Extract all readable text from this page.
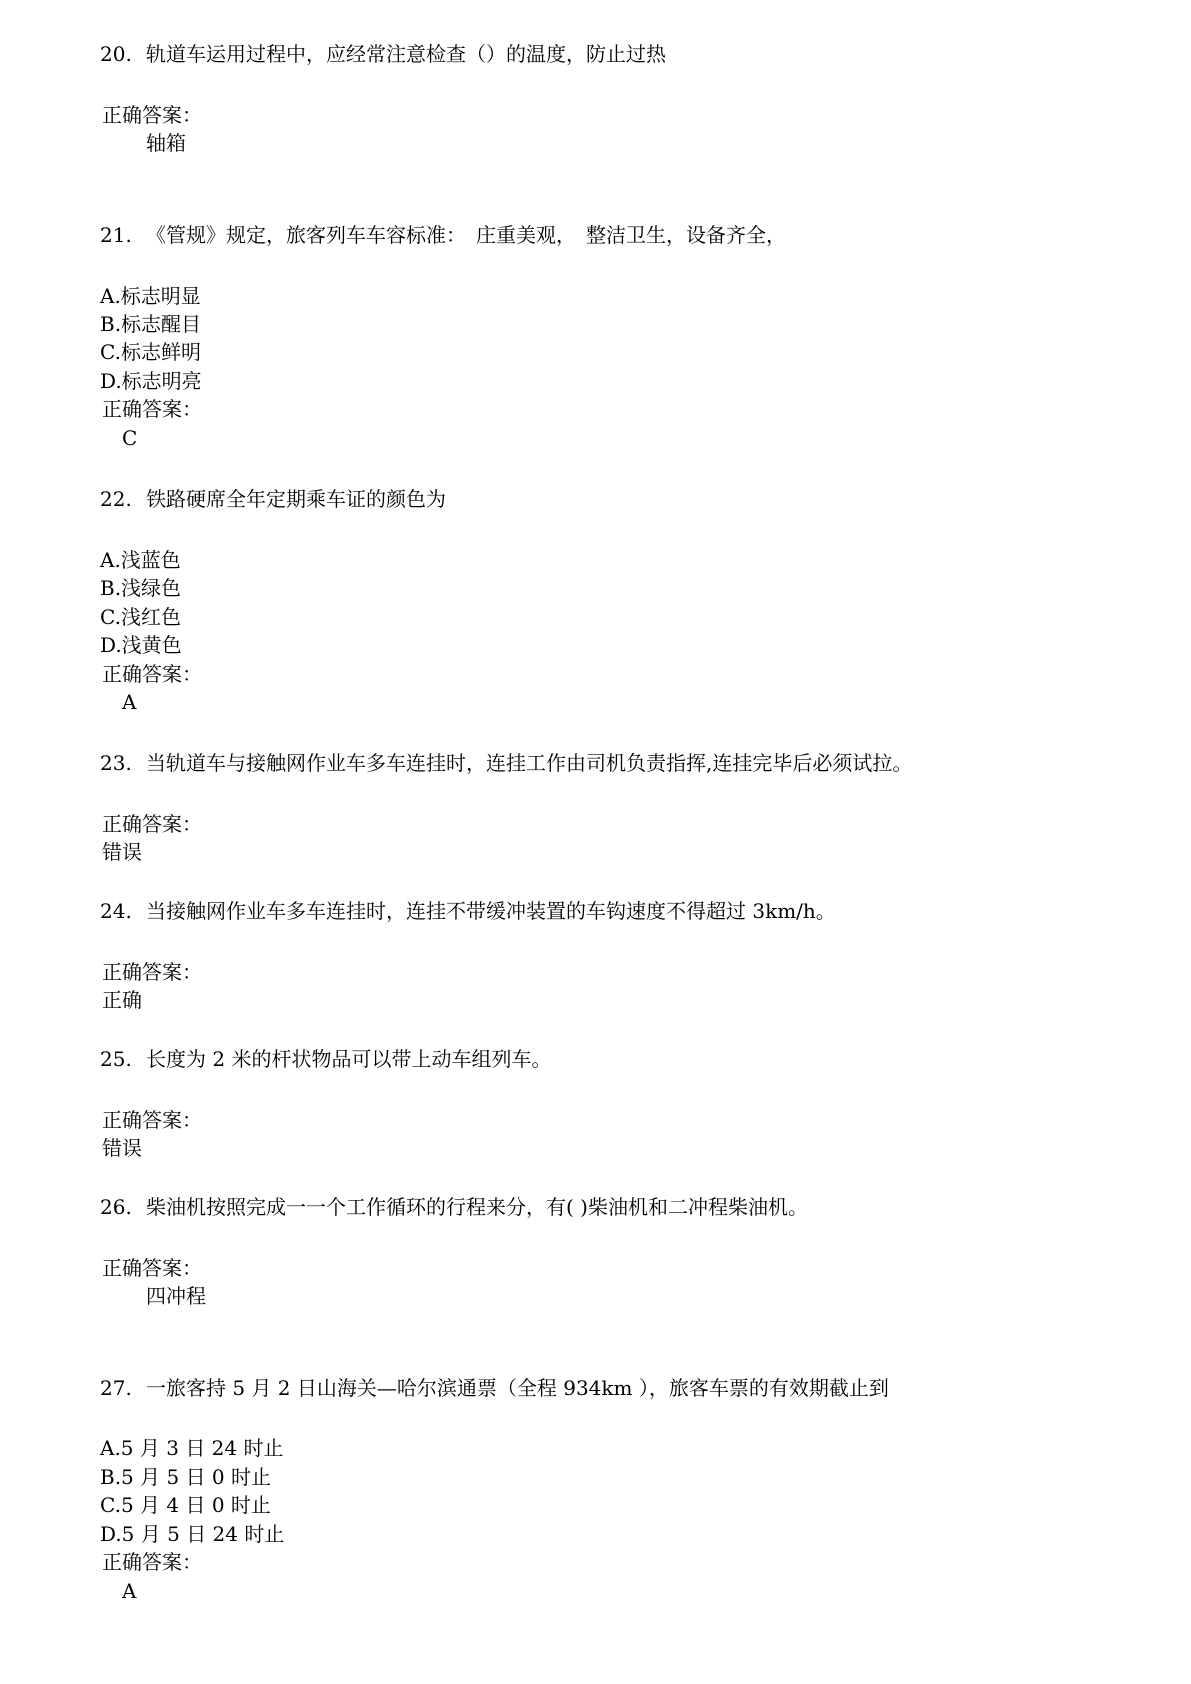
20. 轨道车运用过程中，应经常注意检查（）的温度，防止过热
正确答案：
轴箱
21. 《管规》规定，旅客列车车容标准：　庄重美观，　整洁卫生，设备齐全，
A.标志明显
B.标志醒目
C.标志鲜明
D.标志明亮
正确答案：
C
22. 铁路硬席全年定期乘车证的颜色为
A.浅蓝色
B.浅绿色
C.浅红色
D.浅黄色
正确答案：
A
23. 当轨道车与接触网作业车多车连挂时，连挂工作由司机负责指挥,连挂完毕后必须试拉。
正确答案：
错误
24. 当接触网作业车多车连挂时，连挂不带缓冲装置的车钩速度不得超过 3km/h。
正确答案：
正确
25. 长度为 2 米的杆状物品可以带上动车组列车。
正确答案：
错误
26. 柴油机按照完成一一个工作循环的行程来分，有( )柴油机和二冲程柴油机。
正确答案：
四冲程
27. 一旅客持 5 月 2 日山海关—哈尔滨通票（全程 934km ），旅客车票的有效期截止到
A.5 月 3 日 24 时止
B.5 月 5 日 0 时止
C.5 月 4 日 0 时止
D.5 月 5 日 24 时止
正确答案：
A
